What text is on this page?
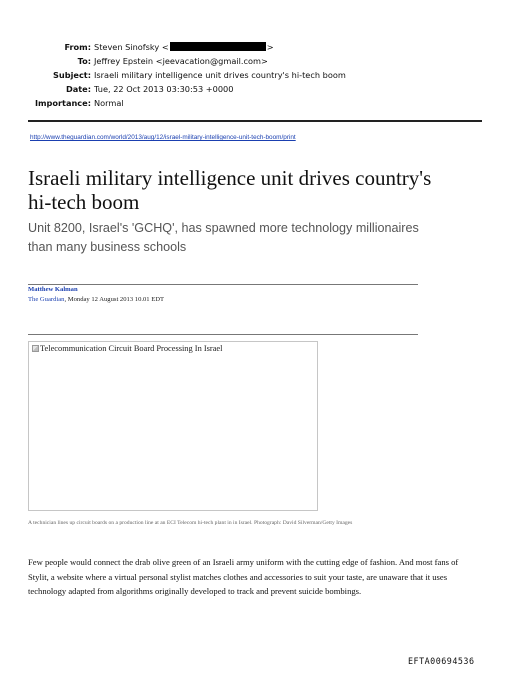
From: Steven Sinofsky <	>
To: Jeffrey Epstein <jeevacation@gmail.com>
Subject: Israeli military intelligence unit drives country's hi-tech boom
Date: Tue, 22 Oct 2013 03:30:53 +0000
Importance: Normal
http://www.theguardian.com/world/2013/aug/12/israel-military-intelligence-unit-tech-boom/print
Israeli military intelligence unit drives country's hi-tech boom

Unit 8200, Israel's 'GCHQ', has spawned more technology millionaires than many business schools

Matthew Kalman
The Guardian, Monday 12 August 2013 10.01 EDT
Telecommunication Circuit Board Processing In Israel
A technician lines up circuit boards on a production line at an ECI Telecom hi-tech plant in in Israel. Photograph: David Silverman/Getty Images

Few people would connect the drab olive green of an Israeli army uniform with the cutting edge of fashion. And most fans of Stylit, a website where a virtual personal stylist matches clothes and accessories to suit your taste, are unaware that it uses technology adapted from algorithms originally developed to track and prevent suicide bombings.

EFTA00694536
